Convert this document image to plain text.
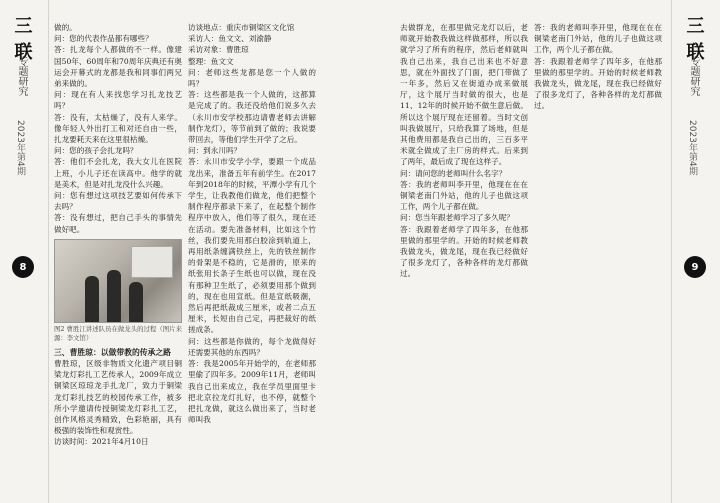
三联
专题研究
2023年第4期
8

做的。

问：您的代表作品都有哪些？

答：扎龙每个人都做的不一样。像建国50年、60周年和70周年庆典还有奥运会开幕式的龙都是我和同事们两兄弟来做的。

问：现在有人来找您学习扎龙技艺吗？

答：没有，太枯燥了，没有人来学。像年轻人外出打工和对还自由一些，扎龙要耗天来在这里很枯燥。

问：您的孩子会扎龙吗？

答：他们不会扎龙，我大女儿在医院上班，小儿子还在读高中。他学的就是美术，但是对扎龙没什么兴趣。

问：您有想过这项技艺要如何传承下去吗？

答：没有想过，把自己手头的事情先做好吧。

图2 曹胜江讲述队员在做龙头的过程（图片来源：李文馆）

三、曹胜琼：以做带教的传承之路

曹胜琼，区级非物质文化遗产项目铜梁龙灯彩扎工艺传承人，2009年成立铜梁区琼琼龙手扎龙厂，致力于铜梁龙灯彩扎技艺的校园传承工作，被多所小学邀请传授铜梁龙灯彩扎工艺，创作风格灵秀精致，色彩艳丽，具有极强的装饰性和观赏性。

访谈时间：2021年4月10日

访谈地点：重庆市铜梁区文化馆

采访人：鱼文文、刘渝静

采访对象：曹胜琼

整理：鱼文文

问：老师这些龙都是您一个人做的吗？

答：这些都是我一个人做的，这都算是完成了的。我还没给他们说多久去（永川市安学校那边请曹老师去讲解制作龙灯），等节前到了做的；我说要带回去，等他们学生开学了之后。

问：到永川吗？

答：永川市安学小学，要跟一个成品龙出来，准备五年有前学生。在2017年到2018年的时候，平潭小学有几个学生，让我教他们做龙，他们把整个制作程序都录下来了，在起整个制作程序中放入，他们等了很久，现在还在活动。要先准备材料，比如这个竹丝，我们要先用那白胶涂到轨道上，再用纸条缠满铁丝上，先的铁丝制作的骨架是不稳的，它是滑的，原来的纸张用长条子生纸也可以做，现在没有那种卫生纸了，必须要用那个做到的，现在也用宣纸。但是宣纸吸潮，然后再把纸裁成三厘米，或者二点五厘米，长短由自己定，再把裁好的纸搓成条。

问：这些都是你做的，每个龙做得好还需要其他的东西吗？

答：我是2005年开始学的，在老师那里偷了四年多。2009年11月，老师叫我自己出来成立，我在学员里面里卡把北京拉龙灯扎好，也不停，就整个把扎龙做，就这么做出来了，当时老师叫我

去做群龙，在那里做完龙灯以后，老师就开始教我做这样做那样，所以我就学习了所有的程序，然后老师就叫我自己出来，我自己出来也不好意思，就在外面找了门面，把门带做了一年多，然后又在街道办成来做展厅，这个展厅当时做的很大，也是11、12年的时候开始不做生意后做。所以这个展厅现在还留着。当时文创叫我做展厅，只给我算了场地，但是其他费用都是我自己出的，三百多平米就全做成了主厂房的样式。后来到了两年，最后成了现在这样子。

问：请问您的老师叫什么名字？

答：我的老师叫李开里，他现在在在铜梁老南门外站，他的儿子也做这项工作，两个儿子都在做。

问：您当年跟老师学习了多久呢？

答：我跟着老师学了四年多，在他那里做的那里学的。开始的时候老师教我做龙头，做龙尾，现在我已经做好了很多龙灯了，各种各样的龙灯都做过。

答：我的老师叫李开里，他现在在在铜梁老南门外站，他的儿子也做这项工作，两个儿子都在做。

答：我跟着老师学了四年多，在他那里做的那里学的。开始的时候老师教我做龙头，做龙尾，现在我已经做好了很多龙灯了，各种各样的龙灯都做过。

三联
专题研究
2023年第4期
9
